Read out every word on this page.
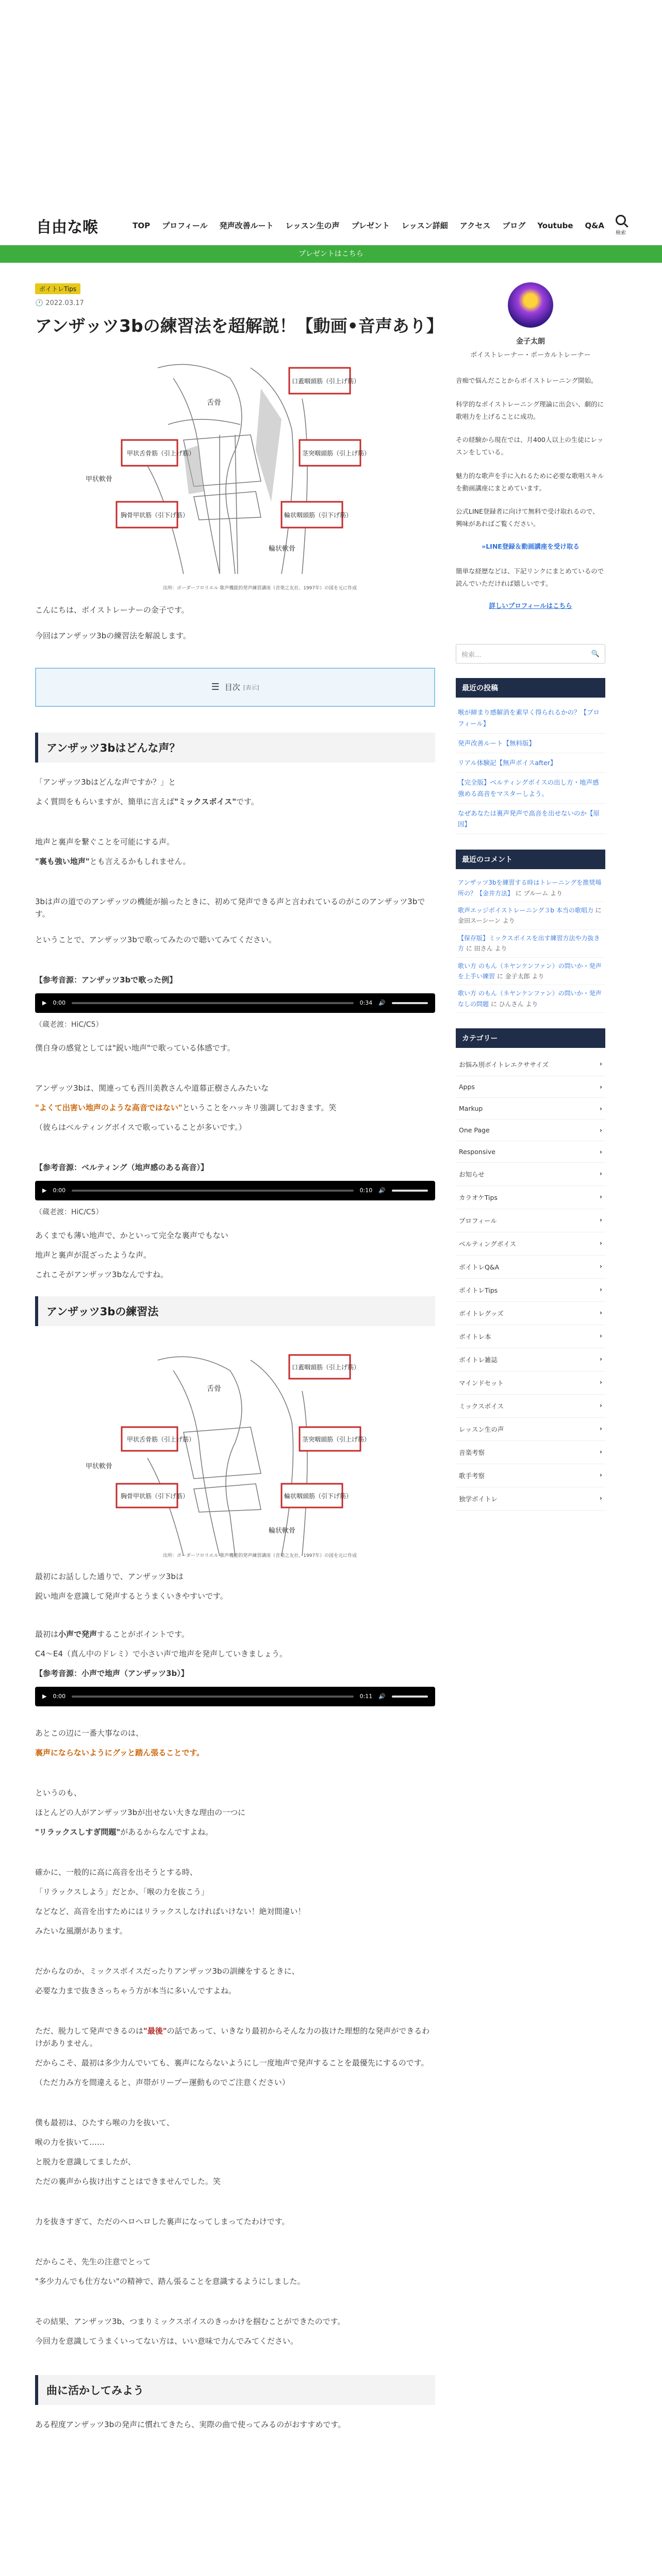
自由な喉	TOP プロフィール 発声改善ルート レッスン生の声 プレゼント レッスン詳細 アクセス ブログ Youtube Q&A
検索
プレゼントはこちら
ボイトレTips
🕐 2022.03.17
アンザッツ3bの練習法を超解説！【動画•音声あり】
舌骨
甲状舌骨筋（引上げ筋）
胸骨甲状筋（引下げ筋）
甲状軟骨
口蓋咽頭筋（引上げ筋）
茎突咽頭筋（引上げ筋）
輪状咽頭筋（引下げ筋）
輪状軟骨
出所：ボーダーフロリエル 歌声機能的発声練習講座（音楽之友社、1997年）の図を元に作成

こんにちは、ボイストレーナーの金子です。

今回はアンザッツ3bの練習法を解説します。

☰ 目次 [表示]
アンザッツ3bはどんな声？

「アンザッツ3bはどんな声ですか？」と

よく質問をもらいますが、簡単に言えば"ミックスボイス"です。

地声と裏声を繋ぐことを可能にする声。

"裏も強い地声"とも言えるかもしれません。

3bは声の道でのアンザッツの機能が揃ったときに、初めて発声できる声と言われているのがこのアンザッツ3bです。

ということで、アンザッツ3bで歌ってみたので聴いてみてください。

【参考音源：アンザッツ3bで歌った例】

▶ 0:00	0:34 🔊

（蔵老渡：HiC/C5）

僕自身の感覚としては"鋭い地声"で歌っている体感です。

アンザッツ3bは、関連っても西川美教さんや道幕正樹さんみたいな

"よくて出害い地声のような高音ではない"ということをハッキリ強調しておきます。笑

（彼らはベルティングボイスで歌っていることが多いです。）

【参考音源：ベルティング（地声感のある高音）】

▶ 0:00	0:10 🔊

（蔵老渡：HiC/C5）

あくまでも薄い地声で、かといって完全な裏声でもない

地声と裏声が混ざったような声。

これこそがアンザッツ3bなんですね。

アンザッツ3bの練習法
舌骨
甲状舌骨筋（引上げ筋）
胸骨甲状筋（引下げ筋）
甲状軟骨
口蓋咽頭筋（引上げ筋）
茎突咽頭筋（引上げ筋）
輪状咽頭筋（引下げ筋）
輪状軟骨
出所：ボーダーフロリエル 歌声機能的発声練習講座（音楽之友社、1997年）の図を元に作成

最初にお話しした通りで、アンザッツ3bは

鋭い地声を意識して発声するとうまくいきやすいです。

最初は小声で発声することがポイントです。

C4〜E4（真ん中のドレミ）で小さい声で地声を発声していきましょう。

【参考音源：小声で地声（アンザッツ3b）】

▶ 0:00	0:11 🔊

あとこの辺に一番大事なのは、

裏声にならないようにグッと踏ん張ることです。

というのも、

ほとんどの人がアンザッツ3bが出せない大きな理由の一つに

"リラックスしすぎ問題"があるからなんですよね。

確かに、一般的に高に高音を出そうとする時、

「リラックスしよう」だとか、「喉の力を抜こう」

などなど、高音を出すためにはリラックスしなければいけない！絶対間違い！

みたいな風潮があります。

だからなのか、ミックスボイスだったりアンザッツ3bの訓練をするときに、

必要な力まで抜きさっちゃう方が本当に多いんですよね。

ただ、脱力して発声できるのは"最後"の話であって、いきなり最初からそんな力の抜けた理想的な発声ができるわけがありません。

だからこそ、最初は多少力んでいても、裏声にならないようにし一度地声で発声することを最優先にするのです。

（ただ力み方を間違えると、声帯がリープー運動ものでご注意ください）

僕も最初は、ひたすら喉の力を抜いて、

喉の力を抜いて……

と脱力を意識してましたが、

ただの裏声から抜け出すことはできませんでした。笑

力を抜きすぎて、ただのヘロへロした裏声になってしまってたわけです。

だからこそ、先生の注意でとって

"多少力んでも仕方ない"の精神で、踏ん張ることを意識するようにしました。

その結果、アンザッツ3b、つまりミックスボイスのきっかけを掴むことができたのです。

今回力を意識してうまくいってない方は、いい意味で力んでみてください。

曲に活かしてみよう

ある程度アンザッツ3bの発声に慣れてきたら、実際の曲で使ってみるのがおすすめです。

金子太朗
ボイストレーナー・ボーカルトレーナー

音痴で悩んだことからボイストレーニング開始。

科学的なボイストレーニング理論に出会い、劇的に歌唱力を上げることに成功。

その経験から現在では、月400人以上の生徒にレッスンをしている。

魅力的な歌声を手に入れるために必要な歌唱スキルを動画講座にまとめています。

公式LINE登録者に向けて無料で受け取れるので、興味があればご覧ください。

»LINE登録＆動画講座を受け取る

簡単な経歴などは、下記リンクにまとめているので読んでいただければ嬉しいです。

詳しいプロフィールはこちら
検索...	🔍
最近の投稿
喉が締まり感解消を素早く得られるかの？【プロフィール】
発声改善ルート【無料版】
リアル体験記【無声ボイスafter】
【完全版】ベルティングボイスの出し方・地声感強める高音をマスターしよう。
なぜあなたは裏声発声で高音を出せないのか【原因】
最近のコメント
アンザッツ3bを練習する時はトレーニングを推奨場所の？【金井方法】 に ブルーム より
歌声エッジボイストレーニング３b 本当の歌唱力 に 金田スーシーン より
【保存版】ミックスボイスを出す練習方法や力抜き方 に 田さん より
歌い方 のもん（ネヤンケンファン）の問いか・発声を上手い練習 に 金子太郎 より
歌い方 のもん（ネヤンケンファン）の問いか・発声なしの問題 に ひんさん より
カテゴリー
お悩み別ボイトレエクササイズ	›
Apps	›
Markup	›
One Page	›
Responsive	›
お知らせ	›
カラオケTips	›
プロフィール	›
ベルティングボイス	›
ボイトレQ&A	›
ボイトレTips	›
ボイトレグッズ	›
ボイトレ本	›
ボイトレ雑誌	›
マインドセット	›
ミックスボイス	›
レッスン生の声	›
音楽考察	›
歌手考察	›
独学ボイトレ	›
